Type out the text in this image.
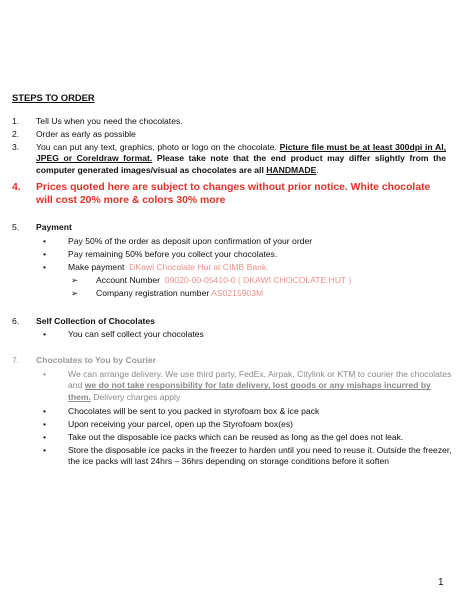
STEPS TO ORDER
1. Tell Us when you need the chocolates.
2. Order as early as possible
3. You can put any text, graphics, photo or logo on the chocolate. Picture file must be at least 300dpi in AI, JPEG or Coreldraw format. Please take note that the end product may differ slightly from the computer generated images/visual as chocolates are all HANDMADE.
4. Prices quoted here are subject to changes without prior notice. White chocolate will cost 20% more & colors 30% more
5. Payment
•	Pay 50% of the order as deposit upon confirmation of your order
•	Pay remaining 50% before you collect your chocolates.
•	Make payment DKawi Chocolate Hut at CIMB Bank.
➢ Account Number 09020-00-05410-0 ( DKAWI CHOCOLATE HUT )
➢ Company registration number AS0215903M
6. Self Collection of Chocolates
•	You can self collect your chocolates
7. Chocolates to You by Courier
•	We can arrange delivery. We use third party, FedEx, Airpak, Citylink or KTM to courier the chocolates and we do not take responsibility for late delivery, lost goods or any mishaps incurred by them. Delivery charges apply
•	Chocolates will be sent to you packed in styrofoam box & ice pack
•	Upon receiving your parcel, open up the Styrofoam box(es)
•	Take out the disposable ice packs which can be reused as long as the gel does not leak.
•	Store the disposable ice packs in the freezer to harden until you need to reuse it. Outside the freezer, the ice packs will last 24hrs – 36hrs depending on storage conditions before it soften
1
